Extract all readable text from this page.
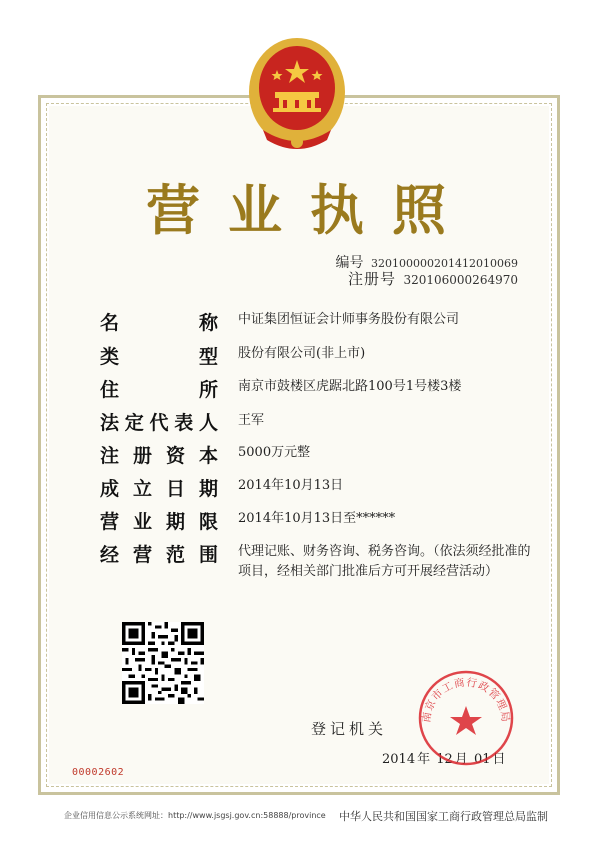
营业执照
编号 320100000201412010069
注册号 320106000264970
名	称 中证集团恒证会计师事务股份有限公司
类	型 股份有限公司(非上市)
住	所 南京市鼓楼区虎踞北路100号1号楼3楼
法 定 代 表 人 王军
注 册 资 本 5000万元整
成 立 日 期 2014年10月13日
营 业 期 限 2014年10月13日至******
经 营 范 围 代理记账、财务咨询、税务咨询。（依法须经批准的项目，经相关部门批准后方可开展经营活动）
登记机关
2014 年 12 月 01 日
南京市工商行政管理局
00002602
企业信用信息公示系统网址：http://www.jsgsj.gov.cn:58888/province 中华人民共和国国家工商行政管理总局监制
